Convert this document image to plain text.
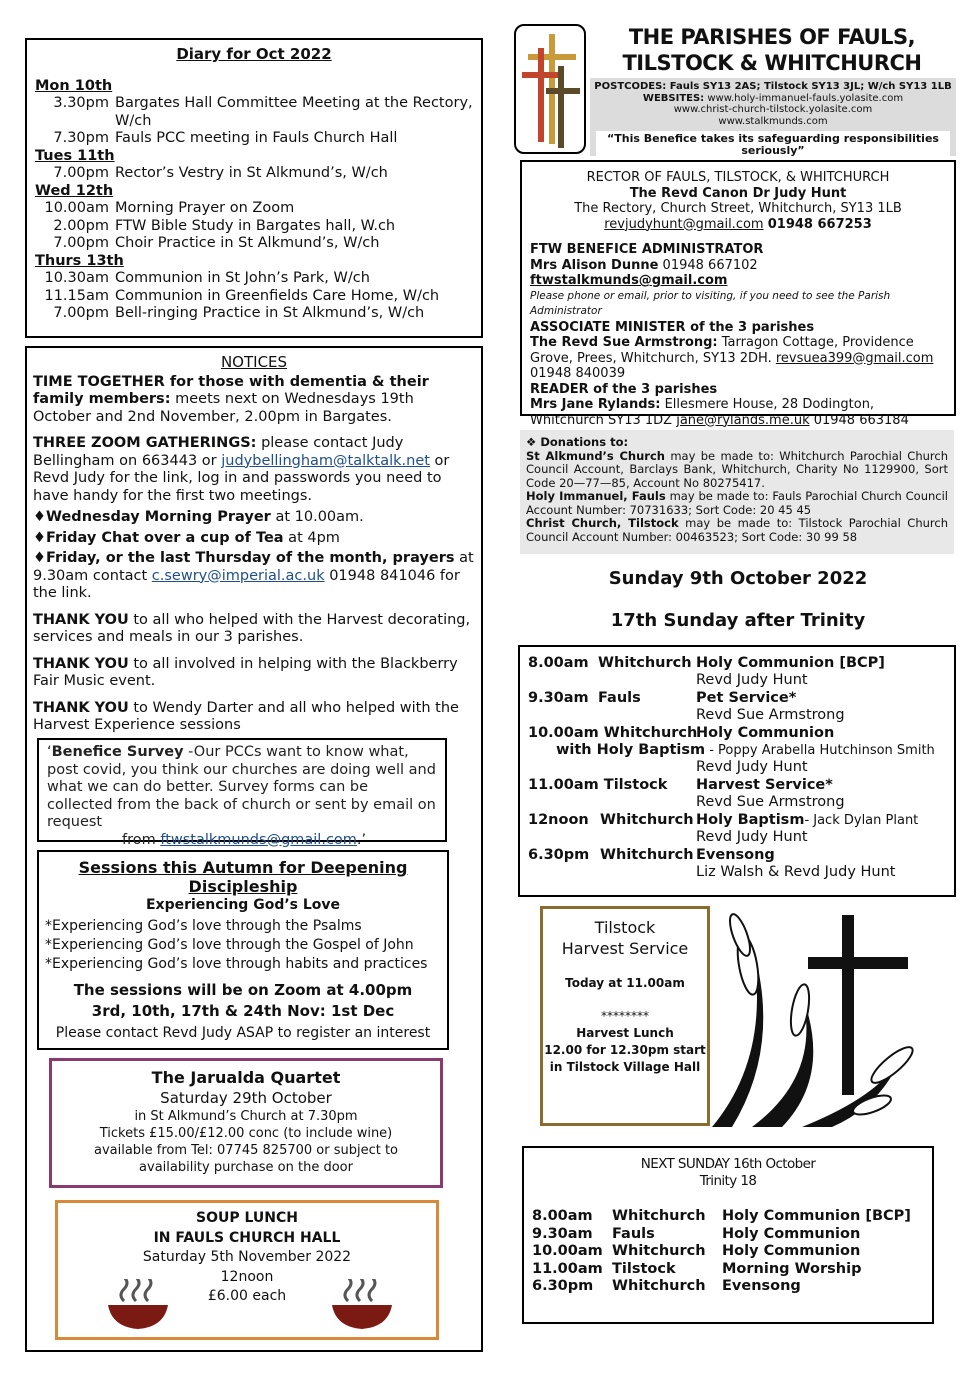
Diary for Oct 2022
Mon 10th
3.30pm Bargates Hall Committee Meeting at the Rectory,
W/ch
7.30pm Fauls PCC meeting in Fauls Church Hall
Tues 11th
7.00pm Rector’s Vestry in St Alkmund’s, W/ch
Wed 12th
10.00am Morning Prayer on Zoom
2.00pm FTW Bible Study in Bargates hall, W.ch
7.00pm Choir Practice in St Alkmund’s, W/ch
Thurs 13th
10.30am Communion in St John’s Park, W/ch
11.15am Communion in Greenfields Care Home, W/ch
7.00pm Bell-ringing Practice in St Alkmund’s, W/ch
NOTICES

TIME TOGETHER for those with dementia & their family members: meets next on Wednesdays 19th October and 2nd November, 2.00pm in Bargates.

THREE ZOOM GATHERINGS: please contact Judy Bellingham on 663443 or judybellingham@talktalk.net or Revd Judy for the link, log in and passwords you need to have handy for the first two meetings.

♦Wednesday Morning Prayer at 10.00am.
♦Friday Chat over a cup of Tea at 4pm

♦Friday, or the last Thursday of the month, prayers at 9.30am contact c.sewry@imperial.ac.uk 01948 841046 for the link.

THANK YOU to all who helped with the Harvest decorating, services and meals in our 3 parishes.

THANK YOU to all involved in helping with the Blackberry Fair Music event.

THANK YOU to Wendy Darter and all who helped with the Harvest Experience sessions

‘Benefice Survey -Our PCCs want to know what, post covid, you think our churches are doing well and what we can do better. Survey forms can be collected from the back of church or sent by email on request
from ftwstalkmunds@gmail.com.’
Sessions this Autumn for Deepening Discipleship
Experiencing God’s Love
*Experiencing God’s love through the Psalms
*Experiencing God’s love through the Gospel of John
*Experiencing God’s love through habits and practices
The sessions will be on Zoom at 4.00pm
3rd, 10th, 17th & 24th Nov: 1st Dec
Please contact Revd Judy ASAP to register an interest
The Jarualda Quartet
Saturday 29th October
in St Alkmund’s Church at 7.30pm
Tickets £15.00/£12.00 conc (to include wine)
available from Tel: 07745 825700 or subject to
availability purchase on the door
SOUP LUNCH
IN FAULS CHURCH HALL
Saturday 5th November 2022
12noon
£6.00 each
THE PARISHES OF FAULS,
TILSTOCK & WHITCHURCH
POSTCODES: Fauls SY13 2AS; Tilstock SY13 3JL; W/ch SY13 1LB
WEBSITES: www.holy-immanuel-fauls.yolasite.com
www.christ-church-tilstock.yolasite.com
www.stalkmunds.com
“This Benefice takes its safeguarding responsibilities seriously”
RECTOR OF FAULS, TILSTOCK, & WHITCHURCH
The Revd Canon Dr Judy Hunt
The Rectory, Church Street, Whitchurch, SY13 1LB
revjudyhunt@gmail.com 01948 667253
FTW BENEFICE ADMINISTRATOR
Mrs Alison Dunne 01948 667102 ftwstalkmunds@gmail.com
Please phone or email, prior to visiting, if you need to see the Parish Administrator
ASSOCIATE MINISTER of the 3 parishes
The Revd Sue Armstrong: Tarragon Cottage, Providence Grove, Prees, Whitchurch, SY13 2DH. revsuea399@gmail.com
01948 840039
READER of the 3 parishes
Mrs Jane Rylands: Ellesmere House, 28 Dodington, Whitchurch SY13 1DZ jane@rylands.me.uk 01948 663184
❖ Donations to:
St Alkmund’s Church may be made to: Whitchurch Parochial Church Council Account, Barclays Bank, Whitchurch, Charity No 1129900, Sort Code 20—77—85, Account No 80275417.
Holy Immanuel, Fauls may be made to: Fauls Parochial Church Council Account Number: 70731633; Sort Code: 20 45 45
Christ Church, Tilstock may be made to: Tilstock Parochial Church Council Account Number: 00463523; Sort Code: 30 99 58
Sunday 9th October 2022
17th Sunday after Trinity
8.00am Whitchurch Holy Communion [BCP]
Revd Judy Hunt
9.30am Fauls	Pet Service*
Revd Sue Armstrong
10.00am Whitchurch
Holy Communion
with Holy Baptism - Poppy Arabella Hutchinson Smith
Revd Judy Hunt
11.00am Tilstock Harvest Service*
Revd Sue Armstrong
12noon Whitchurch Holy Baptism- Jack Dylan Plant
Revd Judy Hunt
6.30pm Whitchurch Evensong
Liz Walsh & Revd Judy Hunt
Tilstock
Harvest Service
Today at 11.00am
********
Harvest Lunch
12.00 for 12.30pm start
in Tilstock Village Hall
NEXT SUNDAY 16th October
Trinity 18
8.00am	Whitchurch	Holy Communion [BCP]
9.30am	Fauls	Holy Communion
10.00am Whitchurch	Holy Communion
11.00am Tilstock	Morning Worship
6.30pm	Whitchurch	Evensong
